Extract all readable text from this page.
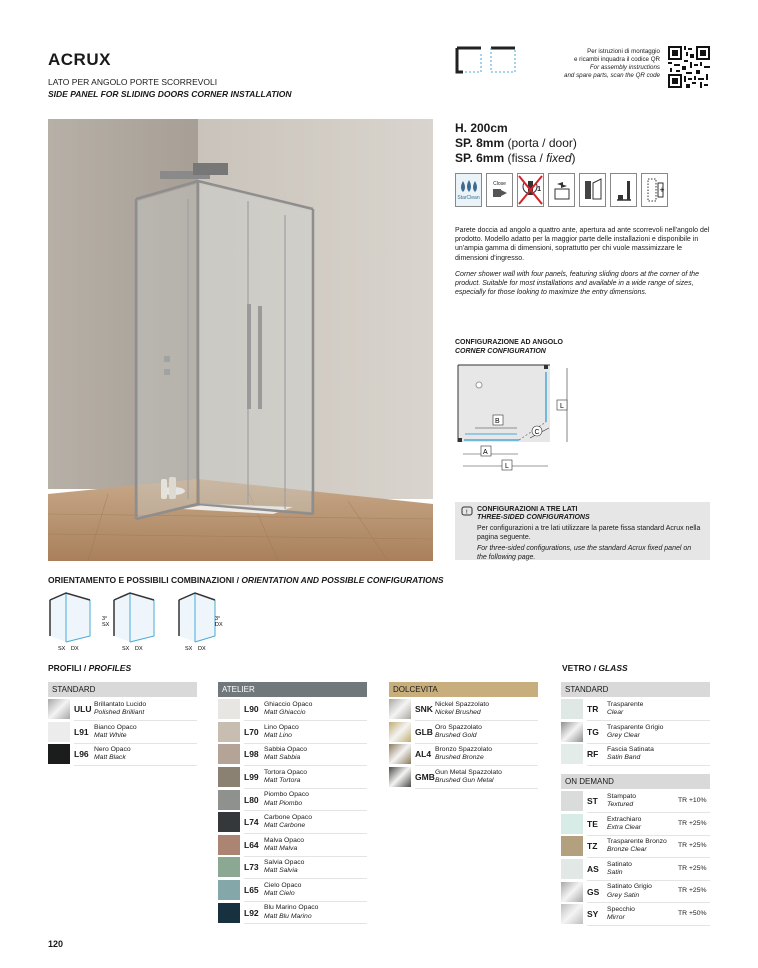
ACRUX
LATO PER ANGOLO PORTE SCORREVOLI
SIDE PANEL FOR SLIDING DOORS CORNER INSTALLATION
Per istruzioni di montaggio
e ricambi inquadra il codice QR
For assembly instructions
and spare parts, scan the QR code
H. 200cm
SP. 8mm (porta / door)
SP. 6mm (fissa / fixed)
StarClean
Close
1	+

Parete doccia ad angolo a quattro ante, apertura ad ante scorrevoli nell'angolo del prodotto. Modello adatto per la maggior parte delle installazioni e disponibile in un'ampia gamma di dimensioni, soprattutto per chi vuole massimizzare le dimensioni d'ingresso.

Corner shower wall with four panels, featuring sliding doors at the corner of the product. Suitable for most installations and available in a wide range of sizes, especially for those looking to maximize the entry dimensions.

CONFIGURAZIONE AD ANGOLO
CORNER CONFIGURATION
B
A
L
L
C
! CONFIGURAZIONI A TRE LATI
THREE-SIDED CONFIGURATIONS
Per configurazioni a tre lati utilizzare la parete fissa standard Acrux nella pagina seguente.
For three-sided configurations, use the standard Acrux fixed panel on the following page.
ORIENTAMENTO E POSSIBILI COMBINAZIONI / ORIENTATION AND POSSIBLE CONFIGURATIONS
SX DX
3°
SX
SX DX
3°
DX
SX DX
PROFILI / PROFILES	VETRO / GLASS
STANDARD
ULU Brillantato Lucido
Polished Brilliant
L91 Bianco Opaco
Matt White
L96 Nero Opaco
Matt Black
ATELIER
L90 Ghiaccio Opaco
Matt Ghiaccio
L70 Lino Opaco
Matt Lino
L98 Sabbia Opaco
Matt Sabbia
L99 Tortora Opaco
Matt Tortora
L80 Piombo Opaco
Matt Piombo
L74 Carbone Opaco
Matt Carbone
L64 Malva Opaco
Matt Malva
L73 Salvia Opaco
Matt Salvia
L65 Cielo Opaco
Matt Cielo
L92 Blu Marino Opaco
Matt Blu Marino
DOLCEVITA
SNK Nickel Spazzolato
Nickel Brushed
GLB Oro Spazzolato
Brushed Gold
AL4 Bronzo Spazzolato
Brushed Bronze
GMB Gun Metal Spazzolato
Brushed Gun Metal
STANDARD
TR	Trasparente
Clear
TG	Trasparente Grigio
Grey Clear
RF	Fascia Satinata
Satin Band
ON DEMAND
ST	Stampato
Textured
TR +10%
TE	Extrachiaro
Extra Clear
TR +25%
TZ	Trasparente Bronzo
Bronze Clear
TR +25%
AS	Satinato
Satin
TR +25%
GS	Satinato Grigio
Grey Satin
TR +25%
SY	Specchio
Mirror
TR +50%
120
